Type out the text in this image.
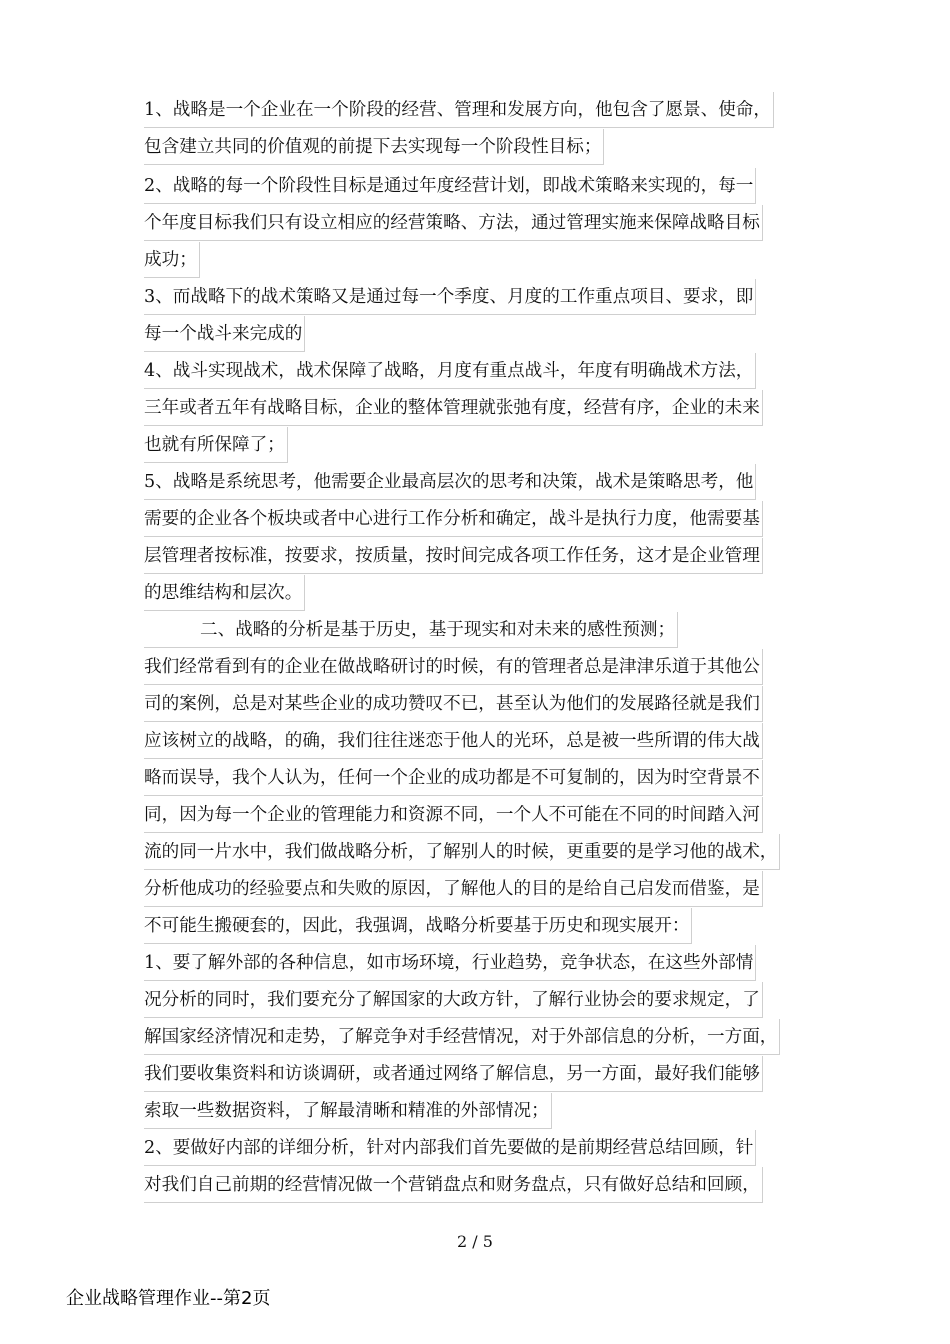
1、战略是一个企业在一个阶段的经营、管理和发展方向，他包含了愿景、使命，
包含建立共同的价值观的前提下去实现每一个阶段性目标；
2、战略的每一个阶段性目标是通过年度经营计划，即战术策略来实现的，每一
个年度目标我们只有设立相应的经营策略、方法，通过管理实施来保障战略目标
成功；
3、而战略下的战术策略又是通过每一个季度、月度的工作重点项目、要求，即
每一个战斗来完成的
4、战斗实现战术，战术保障了战略，月度有重点战斗，年度有明确战术方法，
三年或者五年有战略目标，企业的整体管理就张弛有度，经营有序，企业的未来
也就有所保障了；
5、战略是系统思考，他需要企业最高层次的思考和决策，战术是策略思考，他
需要的企业各个板块或者中心进行工作分析和确定，战斗是执行力度，他需要基
层管理者按标准，按要求，按质量，按时间完成各项工作任务，这才是企业管理
的思维结构和层次。
二、战略的分析是基于历史，基于现实和对未来的感性预测；
我们经常看到有的企业在做战略研讨的时候，有的管理者总是津津乐道于其他公
司的案例，总是对某些企业的成功赞叹不已，甚至认为他们的发展路径就是我们
应该树立的战略，的确，我们往往迷恋于他人的光环，总是被一些所谓的伟大战
略而误导，我个人认为，任何一个企业的成功都是不可复制的，因为时空背景不
同，因为每一个企业的管理能力和资源不同，一个人不可能在不同的时间踏入河
流的同一片水中，我们做战略分析，了解别人的时候，更重要的是学习他的战术，
分析他成功的经验要点和失败的原因，了解他人的目的是给自己启发而借鉴，是
不可能生搬硬套的，因此，我强调，战略分析要基于历史和现实展开：
1、要了解外部的各种信息，如市场环境，行业趋势，竞争状态，在这些外部情
况分析的同时，我们要充分了解国家的大政方针，了解行业协会的要求规定，了
解国家经济情况和走势，了解竞争对手经营情况，对于外部信息的分析，一方面，
我们要收集资料和访谈调研，或者通过网络了解信息，另一方面，最好我们能够
索取一些数据资料，了解最清晰和精准的外部情况；
2、要做好内部的详细分析，针对内部我们首先要做的是前期经营总结回顾，针
对我们自己前期的经营情况做一个营销盘点和财务盘点，只有做好总结和回顾，
2 / 5
企业战略管理作业--第2页
